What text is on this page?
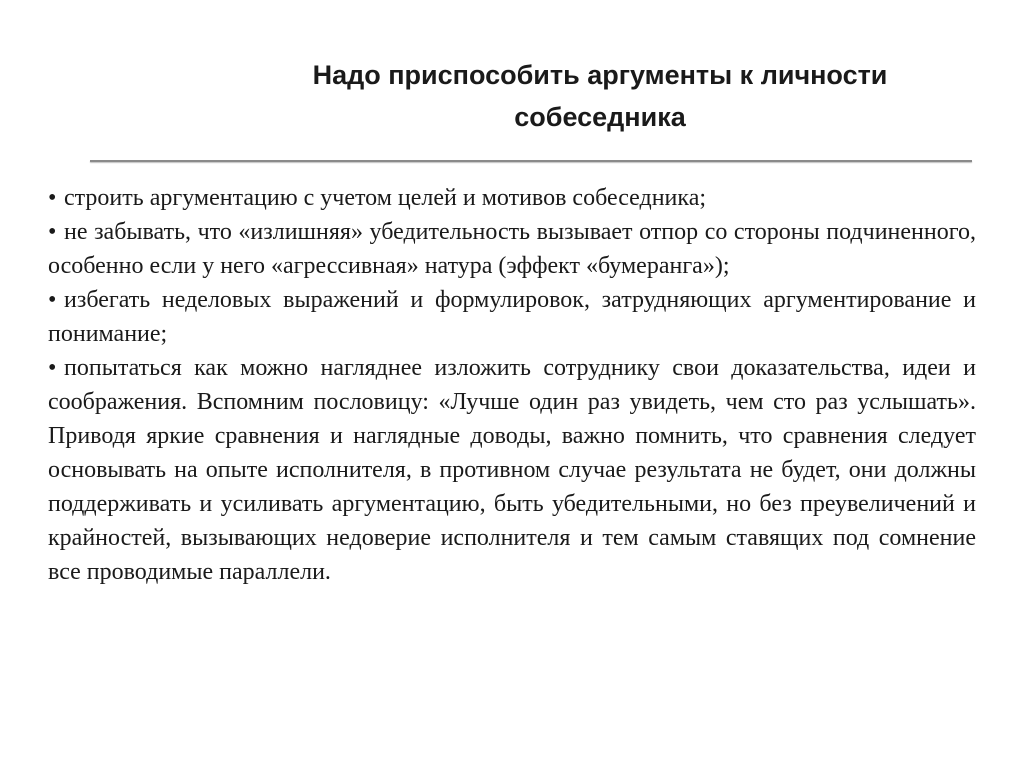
Надо приспособить аргументы к личности
собеседника
• строить аргументацию с учетом целей и мотивов собеседника;
• не забывать, что «излишняя» убедительность вызывает отпор со стороны подчиненного, особенно если у него «агрессивная» натура (эффект «бумеранга»);
• избегать неделовых выражений и формулировок, затрудняющих аргументирование и понимание;
• попытаться как можно нагляднее изложить сотруднику свои доказательства, идеи и соображения. Вспомним пословицу: «Лучше один раз увидеть, чем сто раз услышать». Приводя яркие сравнения и наглядные доводы, важно помнить, что сравнения следует основывать на опыте исполнителя, в противном случае результата не будет, они должны поддерживать и усиливать аргументацию, быть убедительными, но без преувеличений и крайностей, вызывающих недоверие исполнителя и тем самым ставящих под сомнение все проводимые параллели.
